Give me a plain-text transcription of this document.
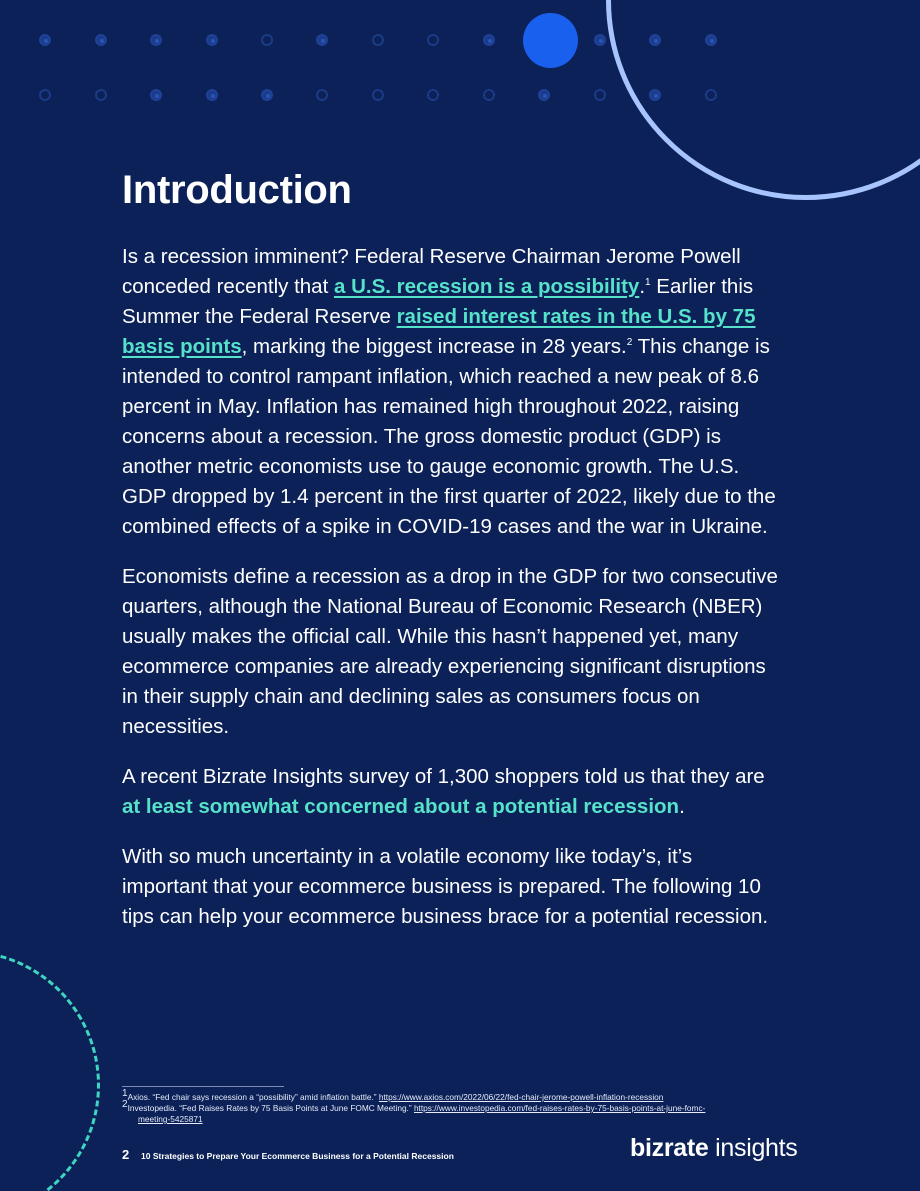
Introduction

Is a recession imminent? Federal Reserve Chairman Jerome Powell conceded recently that a U.S. recession is a possibility.$^1$ Earlier this Summer the Federal Reserve raised interest rates in the U.S. by 75 basis points, marking the biggest increase in 28 years.$^2$ This change is intended to control rampant inflation, which reached a new peak of 8.6 percent in May. Inflation has remained high throughout 2022, raising concerns about a recession. The gross domestic product (GDP) is another metric economists use to gauge economic growth. The U.S. GDP dropped by 1.4 percent in the first quarter of 2022, likely due to the combined effects of a spike in COVID-19 cases and the war in Ukraine.

Economists define a recession as a drop in the GDP for two consecutive quarters, although the National Bureau of Economic Research (NBER) usually makes the official call. While this hasn’t happened yet, many ecommerce companies are already experiencing significant disruptions in their supply chain and declining sales as consumers focus on necessities.

A recent Bizrate Insights survey of 1,300 shoppers told us that they are at least somewhat concerned about a potential recession.

With so much uncertainty in a volatile economy like today’s, it’s important that your ecommerce business is prepared. The following 10 tips can help your ecommerce business brace for a potential recession.

$^1$Axios. “Fed chair says recession a “possibility” amid inflation battle.” https://www.axios.com/2022/06/22/fed-chair-jerome-powell-inflation-recession
$^2$Investopedia. “Fed Raises Rates by 75 Basis Points at June FOMC Meeting.” https://www.investopedia.com/fed-raises-rates-by-75-basis-points-at-june-fomc-
meeting-5425871
2 10 Strategies to Prepare Your Ecommerce Business for a Potential Recession	bizrate insights
